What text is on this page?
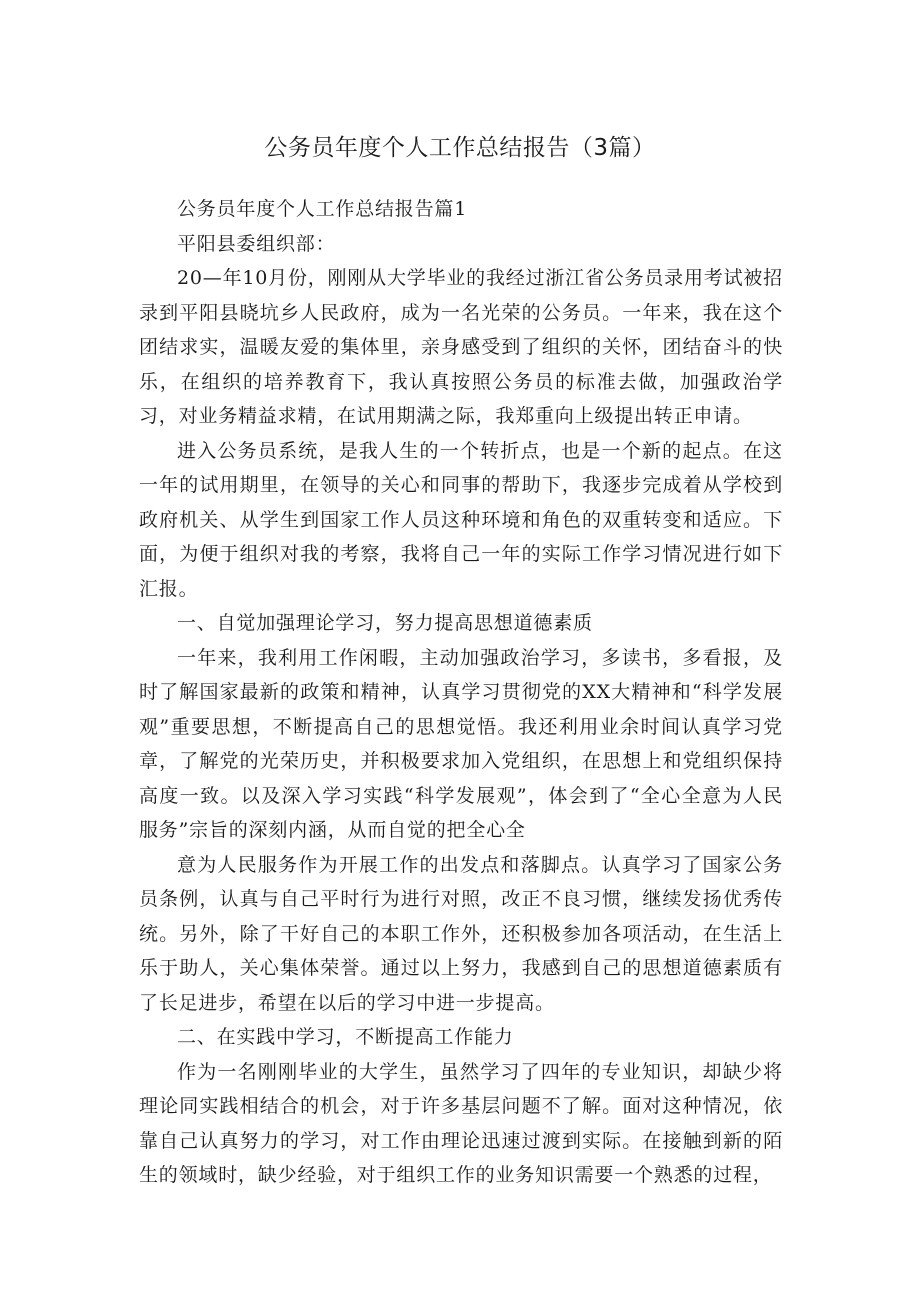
公务员年度个人工作总结报告（3篇）

公务员年度个人工作总结报告篇1

平阳县委组织部：

20—年10月份，刚刚从大学毕业的我经过浙江省公务员录用考试被招录到平阳县晓坑乡人民政府，成为一名光荣的公务员。一年来，我在这个团结求实，温暖友爱的集体里，亲身感受到了组织的关怀，团结奋斗的快乐，在组织的培养教育下，我认真按照公务员的标准去做，加强政治学习，对业务精益求精，在试用期满之际，我郑重向上级提出转正申请。

进入公务员系统，是我人生的一个转折点，也是一个新的起点。在这一年的试用期里，在领导的关心和同事的帮助下，我逐步完成着从学校到政府机关、从学生到国家工作人员这种环境和角色的双重转变和适应。下面，为便于组织对我的考察，我将自己一年的实际工作学习情况进行如下汇报。

一、自觉加强理论学习，努力提高思想道德素质

一年来，我利用工作闲暇，主动加强政治学习，多读书，多看报，及时了解国家最新的政策和精神，认真学习贯彻党的XX大精神和“科学发展观”重要思想，不断提高自己的思想觉悟。我还利用业余时间认真学习党章，了解党的光荣历史，并积极要求加入党组织，在思想上和党组织保持高度一致。以及深入学习实践“科学发展观”，体会到了“全心全意为人民服务”宗旨的深刻内涵，从而自觉的把全心全

意为人民服务作为开展工作的出发点和落脚点。认真学习了国家公务员条例，认真与自己平时行为进行对照，改正不良习惯，继续发扬优秀传统。另外，除了干好自己的本职工作外，还积极参加各项活动，在生活上乐于助人，关心集体荣誉。通过以上努力，我感到自己的思想道德素质有了长足进步，希望在以后的学习中进一步提高。

二、在实践中学习，不断提高工作能力

作为一名刚刚毕业的大学生，虽然学习了四年的专业知识，却缺少将理论同实践相结合的机会，对于许多基层问题不了解。面对这种情况，依靠自己认真努力的学习，对工作由理论迅速过渡到实际。在接触到新的陌生的领域时，缺少经验，对于组织工作的业务知识需要一个熟悉的过程，
